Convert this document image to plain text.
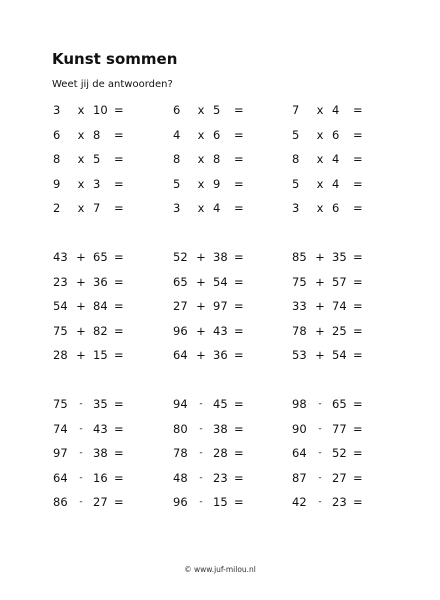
Kunst sommen

Weet jij de antwoorden?

3 x 10 =	6 x 5 =	7 x 4 =
6 x 8 =	4 x 6 =	5 x 6 =
8 x 5 =	8 x 8 =	8 x 4 =
9 x 3 =	5 x 9 =	5 x 4 =
2 x 7 =	3 x 4 =	3 x 6 =
43 + 65 =	52 + 38 =	85 + 35 =
23 + 36 =	65 + 54 =	75 + 57 =
54 + 84 =	27 + 97 =	33 + 74 =
75 + 82 =	96 + 43 =	78 + 25 =
28 + 15 =	64 + 36 =	53 + 54 =
75	- 35 =	94	- 45 =	98	- 65 =
74	- 43 =	80	- 38 =	90	- 77 =
97	- 38 =	78	- 28 =	64	- 52 =
64	- 16 =	48	- 23 =	87	- 27 =
86	- 27 =	96	- 15 =	42	- 23 =
© www.juf-milou.nl
